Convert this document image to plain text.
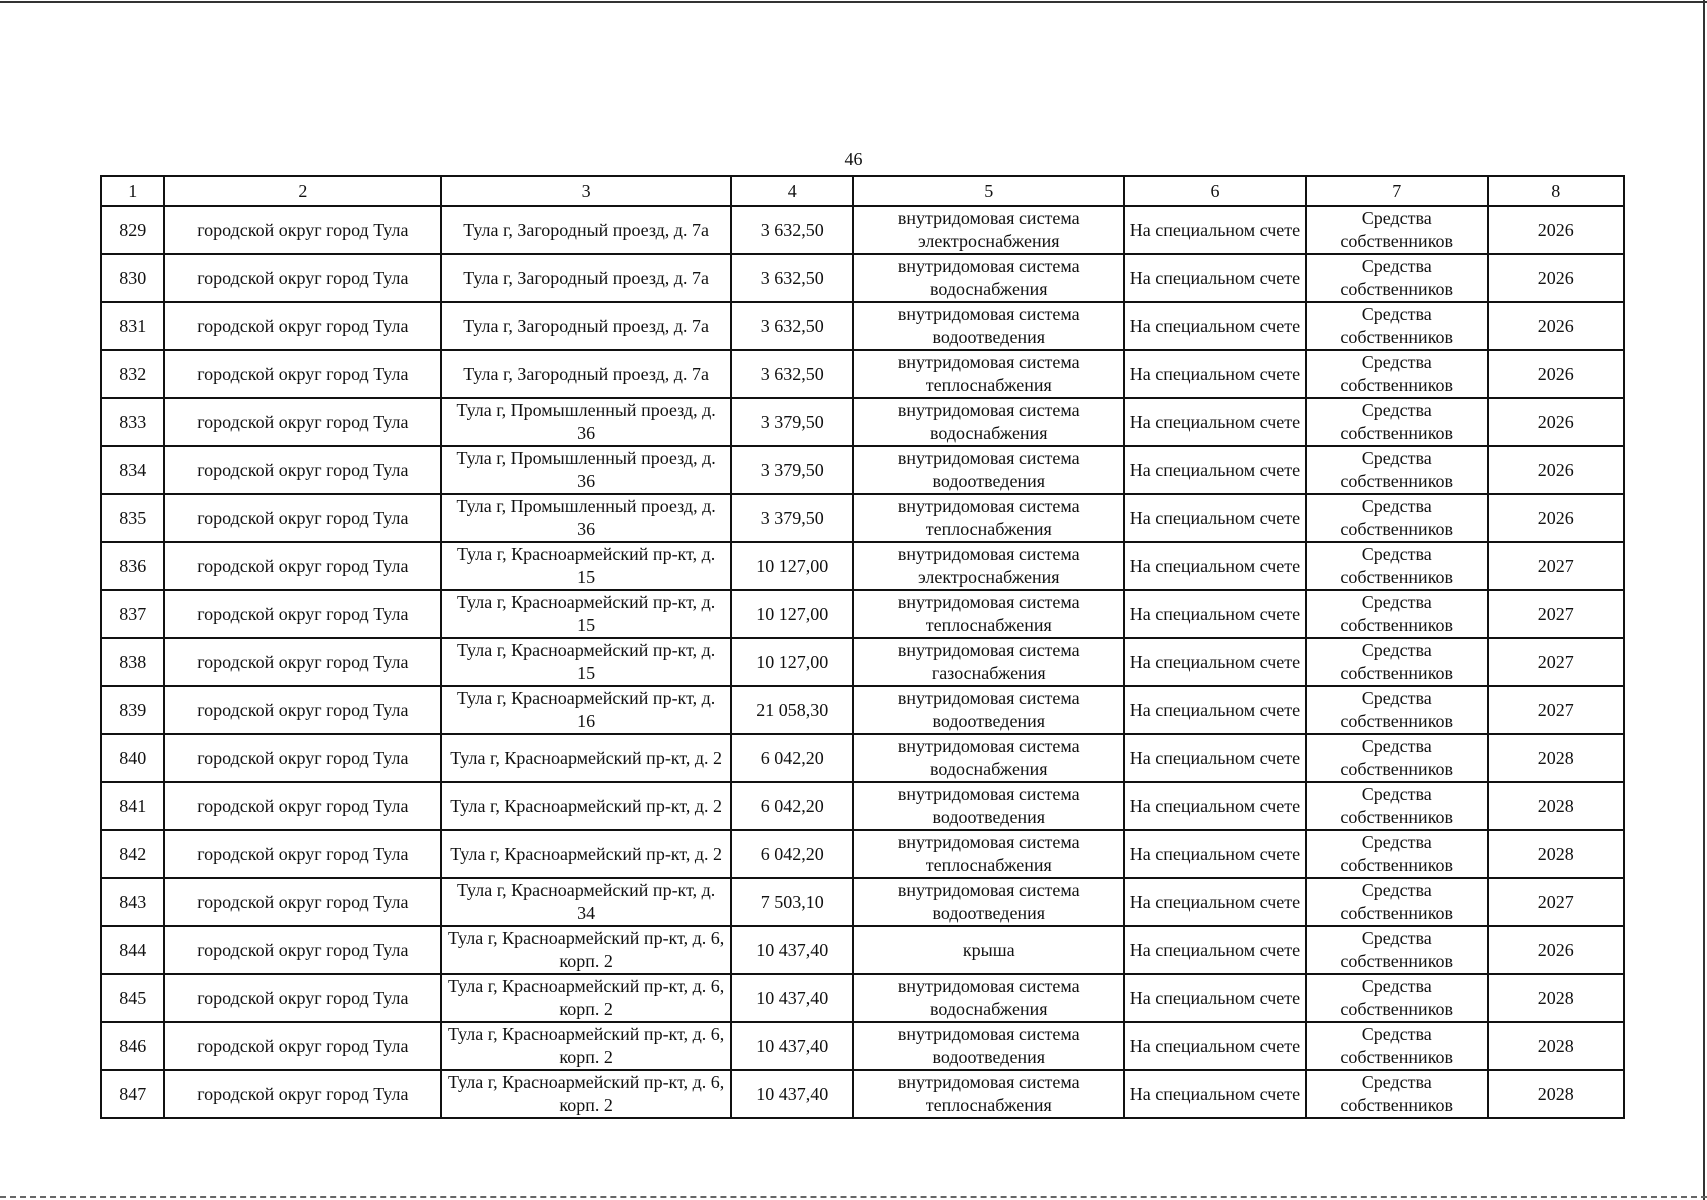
46
1	2	3	4	5	6	7	8
829	городской округ город Тула	Тула г, Загородный проезд, д. 7а	3 632,50	внутридомовая система электроснабжения	На специальном счете	Средства собственников	2026
830	городской округ город Тула	Тула г, Загородный проезд, д. 7а	3 632,50	внутридомовая система водоснабжения	На специальном счете	Средства собственников	2026
831	городской округ город Тула	Тула г, Загородный проезд, д. 7а	3 632,50	внутридомовая система водоотведения	На специальном счете	Средства собственников	2026
832	городской округ город Тула	Тула г, Загородный проезд, д. 7а	3 632,50	внутридомовая система теплоснабжения	На специальном счете	Средства собственников	2026
833	городской округ город Тула	Тула г, Промышленный проезд, д. 36	3 379,50	внутридомовая система водоснабжения	На специальном счете	Средства собственников	2026
834	городской округ город Тула	Тула г, Промышленный проезд, д. 36	3 379,50	внутридомовая система водоотведения	На специальном счете	Средства собственников	2026
835	городской округ город Тула	Тула г, Промышленный проезд, д. 36	3 379,50	внутридомовая система теплоснабжения	На специальном счете	Средства собственников	2026
836	городской округ город Тула	Тула г, Красноармейский пр-кт, д. 15	10 127,00	внутридомовая система электроснабжения	На специальном счете	Средства собственников	2027
837	городской округ город Тула	Тула г, Красноармейский пр-кт, д. 15	10 127,00	внутридомовая система теплоснабжения	На специальном счете	Средства собственников	2027
838	городской округ город Тула	Тула г, Красноармейский пр-кт, д. 15	10 127,00	внутридомовая система газоснабжения	На специальном счете	Средства собственников	2027
839	городской округ город Тула	Тула г, Красноармейский пр-кт, д. 16	21 058,30	внутридомовая система водоотведения	На специальном счете	Средства собственников	2027
840	городской округ город Тула	Тула г, Красноармейский пр-кт, д. 2	6 042,20	внутридомовая система водоснабжения	На специальном счете	Средства собственников	2028
841	городской округ город Тула	Тула г, Красноармейский пр-кт, д. 2	6 042,20	внутридомовая система водоотведения	На специальном счете	Средства собственников	2028
842	городской округ город Тула	Тула г, Красноармейский пр-кт, д. 2	6 042,20	внутридомовая система теплоснабжения	На специальном счете	Средства собственников	2028
843	городской округ город Тула	Тула г, Красноармейский пр-кт, д. 34	7 503,10	внутридомовая система водоотведения	На специальном счете	Средства собственников	2027
844	городской округ город Тула	Тула г, Красноармейский пр-кт, д. 6, корп. 2	10 437,40	крыша	На специальном счете	Средства собственников	2026
845	городской округ город Тула	Тула г, Красноармейский пр-кт, д. 6, корп. 2	10 437,40	внутридомовая система водоснабжения	На специальном счете	Средства собственников	2028
846	городской округ город Тула	Тула г, Красноармейский пр-кт, д. 6, корп. 2	10 437,40	внутридомовая система водоотведения	На специальном счете	Средства собственников	2028
847	городской округ город Тула	Тула г, Красноармейский пр-кт, д. 6, корп. 2	10 437,40	внутридомовая система теплоснабжения	На специальном счете	Средства собственников	2028
